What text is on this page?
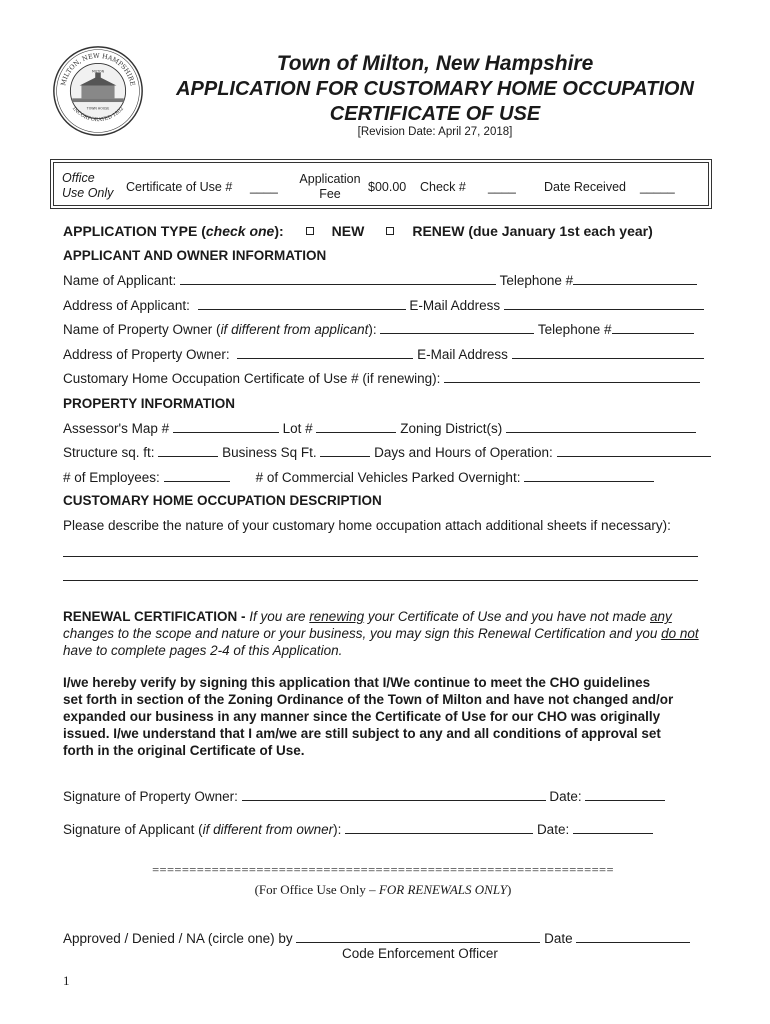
MILTON, NEW HAMPSHIRE
INCORPORATED 1802
MILTON
TOWN HOUSE
Town of Milton, New Hampshire
APPLICATION FOR CUSTOMARY HOME OCCUPATION
CERTIFICATE OF USE
[Revision Date: April 27, 2018]
Office
Use Only Certificate of Use # ____
Application
Fee	$00.00 Check # ____ Date Received _____
APPLICATION TYPE (check one):	NEW	RENEW (due January 1st each year)
APPLICANT AND OWNER INFORMATION
Name of Applicant:	Telephone #
Address of Applicant:	E-Mail Address
Name of Property Owner (if different from applicant):	Telephone #
Address of Property Owner:	E-Mail Address
Customary Home Occupation Certificate of Use # (if renewing):
PROPERTY INFORMATION
Assessor's Map #	Lot #	Zoning District(s)
Structure sq. ft:	Business Sq Ft.	Days and Hours of Operation:
# of Employees:	# of Commercial Vehicles Parked Overnight:
CUSTOMARY HOME OCCUPATION DESCRIPTION
Please describe the nature of your customary home occupation attach additional sheets if necessary):
RENEWAL CERTIFICATION - If you are renewing your Certificate of Use and you have not made any
changes to the scope and nature or your business, you may sign this Renewal Certification and you do not
have to complete pages 2-4 of this Application.
I/we hereby verify by signing this application that I/We continue to meet the CHO guidelines
set forth in section of the Zoning Ordinance of the Town of Milton and have not changed and/or
expanded our business in any manner since the Certificate of Use for our CHO was originally
issued. I/we understand that I am/we are still subject to any and all conditions of approval set
forth in the original Certificate of Use.
Signature of Property Owner:	Date:
Signature of Applicant (if different from owner):	Date:
==============================================================
(For Office Use Only – FOR RENEWALS ONLY)
Approved / Denied / NA (circle one) by	Date
Code Enforcement Officer
1
